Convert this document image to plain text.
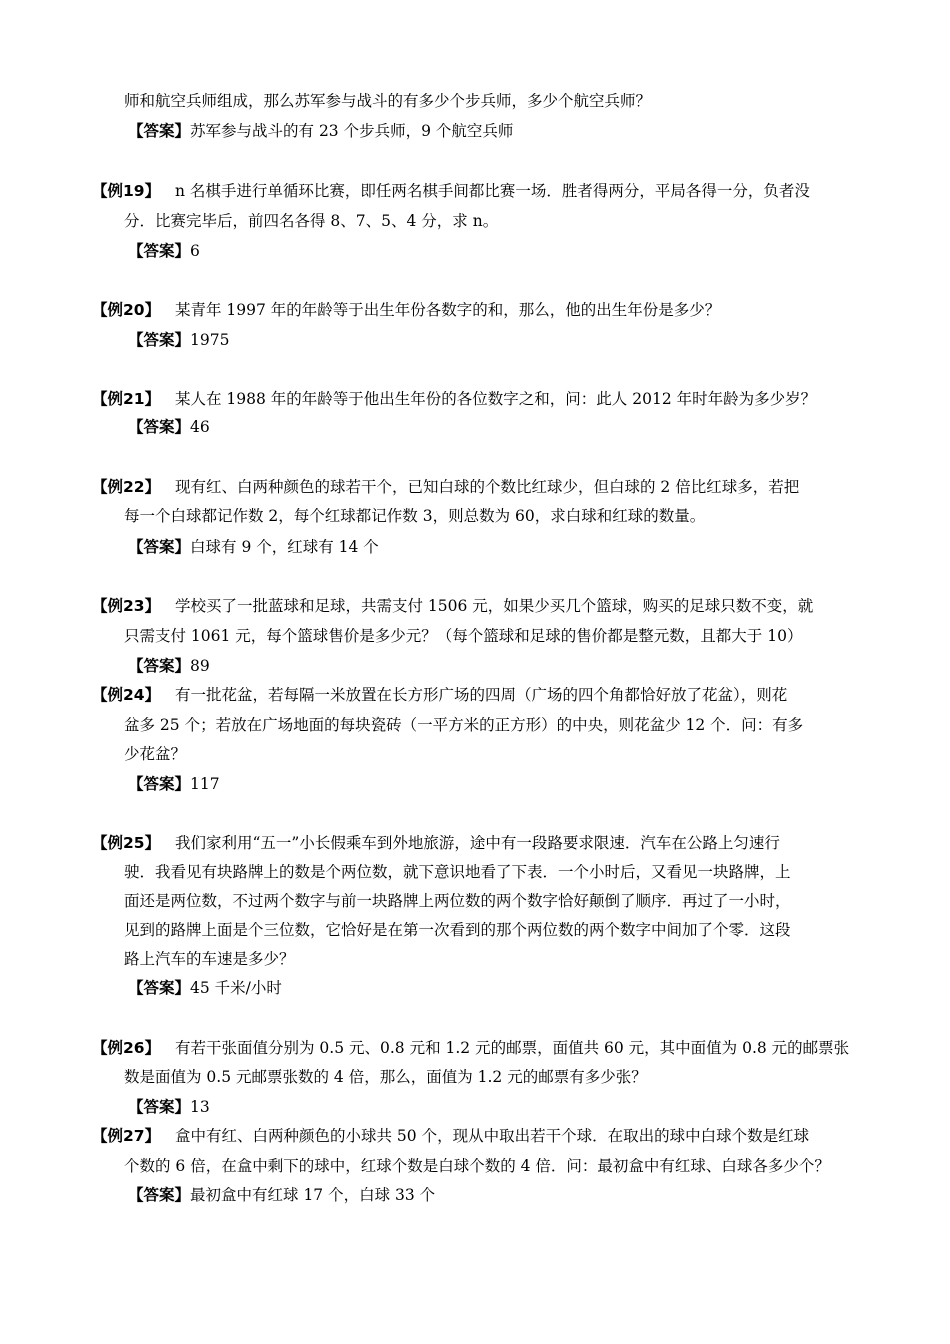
师和航空兵师组成，那么苏军参与战斗的有多少个步兵师，多少个航空兵师？
【答案】苏军参与战斗的有 23 个步兵师，9 个航空兵师
【例19】 n 名棋手进行单循环比赛，即任两名棋手间都比赛一场．胜者得两分，平局各得一分，负者没
分．比赛完毕后，前四名各得 8、7、5、4 分，求 n。
【答案】6
【例20】 某青年 1997 年的年龄等于出生年份各数字的和，那么，他的出生年份是多少？
【答案】1975
【例21】 某人在 1988 年的年龄等于他出生年份的各位数字之和，问：此人 2012 年时年龄为多少岁？
【答案】46
【例22】 现有红、白两种颜色的球若干个，已知白球的个数比红球少，但白球的 2 倍比红球多，若把
每一个白球都记作数 2，每个红球都记作数 3，则总数为 60，求白球和红球的数量。
【答案】白球有 9 个，红球有 14 个
【例23】 学校买了一批蓝球和足球，共需支付 1506 元，如果少买几个篮球，购买的足球只数不变，就
只需支付 1061 元，每个篮球售价是多少元？（每个篮球和足球的售价都是整元数，且都大于 10）
【答案】89
【例24】 有一批花盆，若每隔一米放置在长方形广场的四周（广场的四个角都恰好放了花盆），则花
盆多 25 个；若放在广场地面的每块瓷砖（一平方米的正方形）的中央，则花盆少 12 个．问：有多
少花盆？
【答案】117
【例25】 我们家利用“五一”小长假乘车到外地旅游，途中有一段路要求限速．汽车在公路上匀速行
驶．我看见有块路牌上的数是个两位数，就下意识地看了下表．一个小时后，又看见一块路牌，上
面还是两位数，不过两个数字与前一块路牌上两位数的两个数字恰好颠倒了顺序．再过了一小时，
见到的路牌上面是个三位数，它恰好是在第一次看到的那个两位数的两个数字中间加了个零．这段
路上汽车的车速是多少？
【答案】45 千米/小时
【例26】 有若干张面值分别为 0.5 元、0.8 元和 1.2 元的邮票，面值共 60 元，其中面值为 0.8 元的邮票张
数是面值为 0.5 元邮票张数的 4 倍，那么，面值为 1.2 元的邮票有多少张？
【答案】13
【例27】 盒中有红、白两种颜色的小球共 50 个，现从中取出若干个球．在取出的球中白球个数是红球
个数的 6 倍，在盒中剩下的球中，红球个数是白球个数的 4 倍．问：最初盒中有红球、白球各多少个？
【答案】最初盒中有红球 17 个，白球 33 个
